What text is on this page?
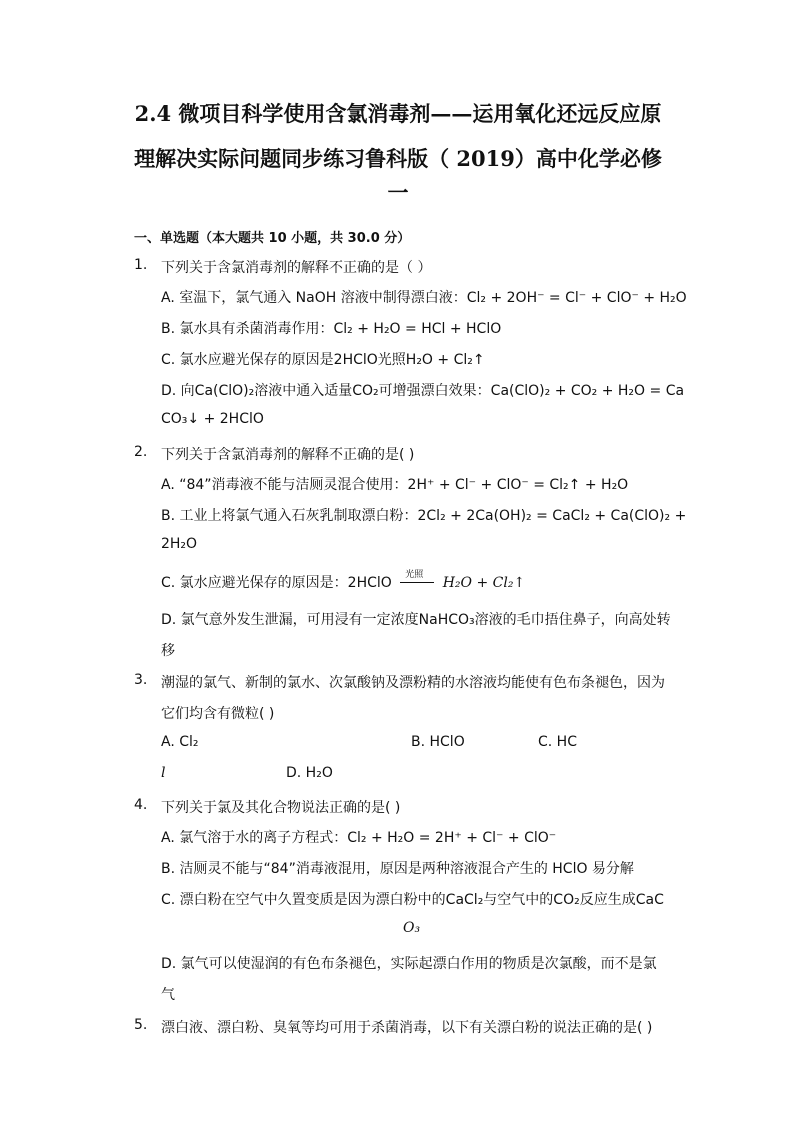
2.4 微项目科学使用含氯消毒剂——运用氧化还远反应原
理解决实际问题同步练习鲁科版（ 2019）高中化学必修
一
一、单选题（本大题共 10 小题，共 30.0 分）
1. 下列关于含氯消毒剂的解释不正确的是（ ）
A. 室温下，氯气通入 NaOH 溶液中制得漂白液：Cl₂ + 2OH⁻ = Cl⁻ + ClO⁻ + H₂O
B. 氯水具有杀菌消毒作用：Cl₂ + H₂O = HCl + HClO
C. 氯水应避光保存的原因是2HClO光照H₂O + Cl₂↑
D. 向Ca(ClO)₂溶液中通入适量CO₂可增强漂白效果：Ca(ClO)₂ + CO₂ + H₂O = Ca
CO₃↓ + 2HClO
2. 下列关于含氯消毒剂的解释不正确的是( )
A. “84”消毒液不能与洁厕灵混合使用：2H⁺ + Cl⁻ + ClO⁻ = Cl₂↑ + H₂O
B. 工业上将氯气通入石灰乳制取漂白粉：2Cl₂ + 2Ca(OH)₂ = CaCl₂ + Ca(ClO)₂ +
2H₂O
C. 氯水应避光保存的原因是：2HClO 光照 H₂O + Cl₂↑
D. 氯气意外发生泄漏，可用浸有一定浓度NaHCO₃溶液的毛巾捂住鼻子，向高处转
移
3. 潮湿的氯气、新制的氯水、次氯酸钠及漂粉精的水溶液均能使有色布条褪色，因为
它们均含有微粒( )
A. Cl₂	B. HClO	C. HC
l	D. H₂O
4. 下列关于氯及其化合物说法正确的是( )
A. 氯气溶于水的离子方程式：Cl₂ + H₂O = 2H⁺ + Cl⁻ + ClO⁻
B. 洁厕灵不能与“84”消毒液混用，原因是两种溶液混合产生的 HClO 易分解
C. 漂白粉在空气中久置变质是因为漂白粉中的CaCl₂与空气中的CO₂反应生成CaC
O₃
D. 氯气可以使湿润的有色布条褪色，实际起漂白作用的物质是次氯酸，而不是氯
气
5. 漂白液、漂白粉、臭氧等均可用于杀菌消毒，以下有关漂白粉的说法正确的是( )
